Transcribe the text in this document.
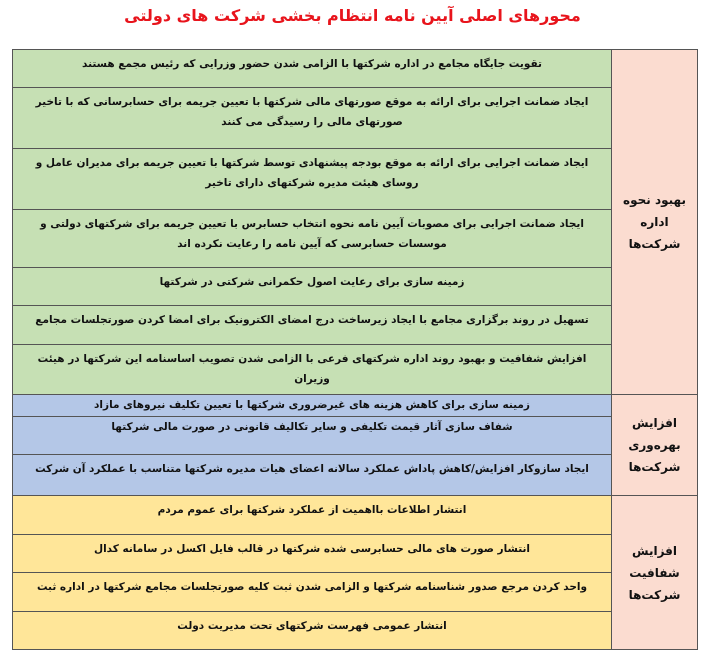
محورهای اصلی آیین نامه انتظام بخشی شرکت های دولتی
بهبود نحوه اداره شرکت‌ها
تقویت جایگاه مجامع در اداره شرکتها با الزامی شدن حضور وزرایی که رئیس مجمع هستند
ایجاد ضمانت اجرایی برای ارائه به موقع صورتهای مالی شرکتها با تعیین جریمه برای حسابرسانی که با تاخیر صورتهای مالی را رسیدگی می کنند
ایجاد ضمانت اجرایی برای ارائه به موقع بودجه پیشنهادی توسط شرکتها با تعیین جریمه برای مدیران عامل و روسای هیئت مدیره شرکتهای دارای تاخیر
ایجاد ضمانت اجرایی برای مصوبات آیین نامه نحوه انتخاب حسابرس با تعیین جریمه برای شرکتهای دولتی و موسسات حسابرسی که آیین نامه را رعایت نکرده اند
زمینه سازی برای رعایت اصول حکمرانی شرکتی در شرکتها
تسهیل در روند برگزاری مجامع با ایجاد زیرساخت درج امضای الکترونیک برای امضا کردن صورتجلسات مجامع
افزایش شفافیت و بهبود روند اداره شرکتهای فرعی با الزامی شدن تصویب اساسنامه این شرکتها در هیئت وزیران
افزایش بهره‌وری شرکت‌ها
زمینه سازی برای کاهش هزینه های غیرضروری شرکتها با تعیین تکلیف نیروهای مازاد
شفاف سازی آثار قیمت تکلیفی و سایر تکالیف قانونی در صورت مالی شرکتها
ایجاد سازوکار افزایش/کاهش پاداش عملکرد سالانه اعضای هیات مدیره شرکتها متناسب با عملکرد آن شرکت
افزایش شفافیت شرکت‌ها
انتشار اطلاعات بااهمیت از عملکرد شرکتها برای عموم مردم
انتشار صورت های مالی حسابرسی شده شرکتها در قالب فایل اکسل در سامانه کدال
واحد کردن مرجع صدور شناسنامه شرکتها و الزامی شدن ثبت کلیه صورتجلسات مجامع شرکتها در اداره ثبت
انتشار عمومی فهرست شرکتهای تحت مدیریت دولت
